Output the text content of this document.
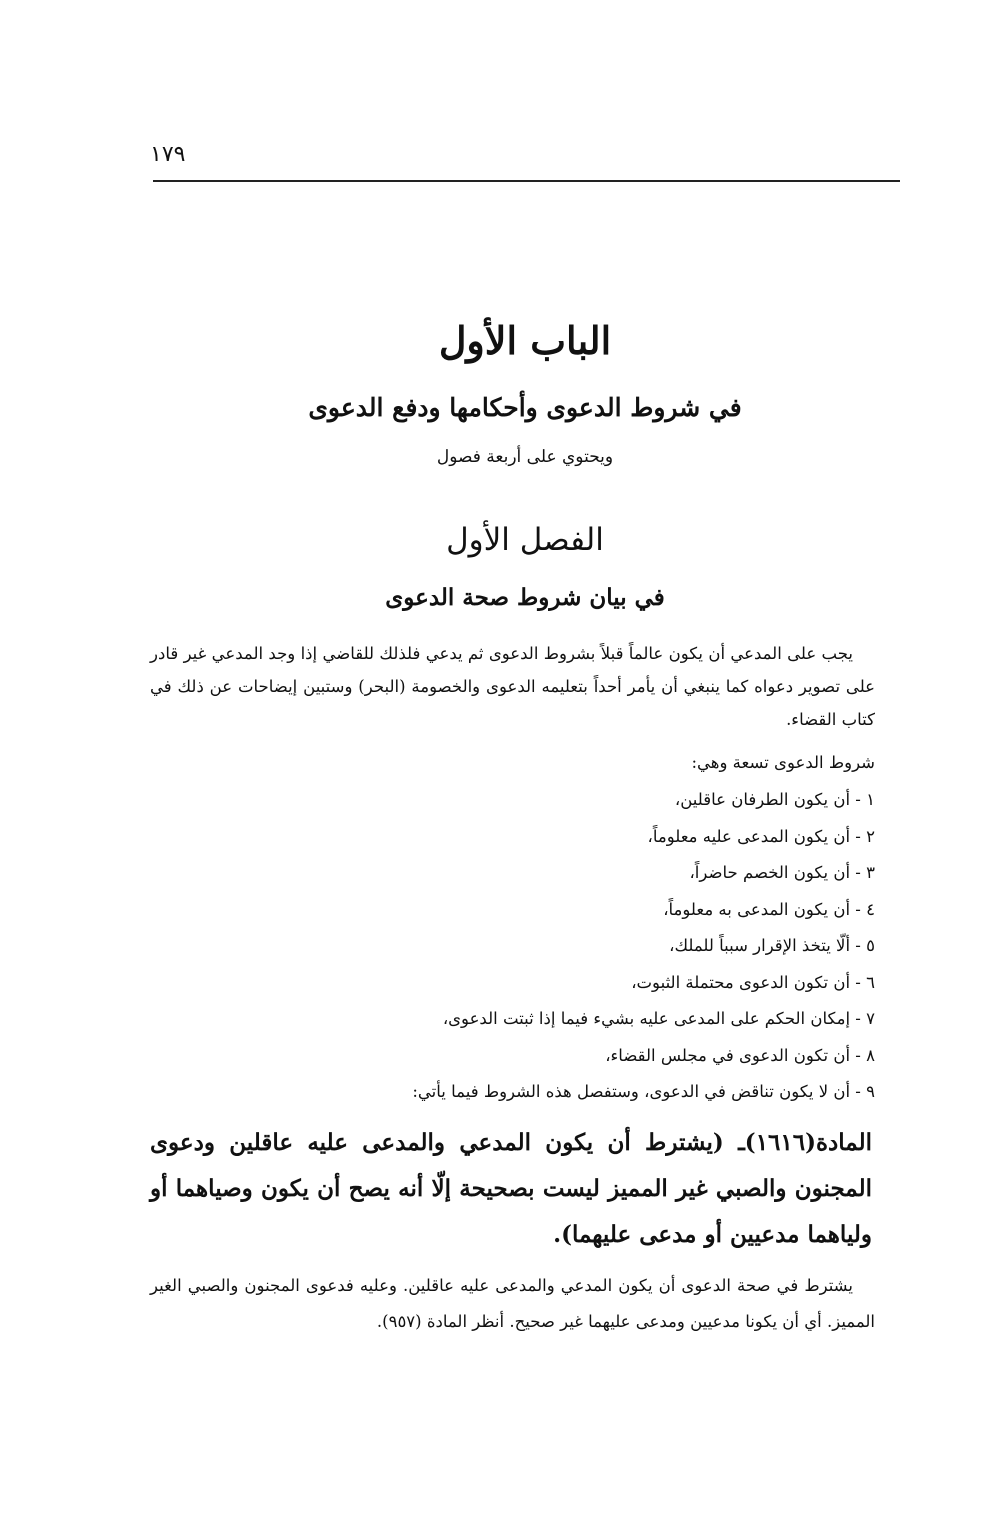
١٧٩
الباب الأول
في شروط الدعوى وأحكامها ودفع الدعوى
ويحتوي على أربعة فصول
الفصل الأول
في بيان شروط صحة الدعوى

يجب على المدعي أن يكون عالماً قبلاً بشروط الدعوى ثم يدعي فلذلك للقاضي إذا وجد المدعي غير قادر على تصوير دعواه كما ينبغي أن يأمر أحداً بتعليمه الدعوى والخصومة (البحر) وستبين إيضاحات عن ذلك في كتاب القضاء.

شروط الدعوى تسعة وهي:
١ - أن يكون الطرفان عاقلين،
٢ - أن يكون المدعى عليه معلوماً،
٣ - أن يكون الخصم حاضراً،
٤ - أن يكون المدعى به معلوماً،
٥ - ألّا يتخذ الإقرار سبباً للملك،
٦ - أن تكون الدعوى محتملة الثبوت،
٧ - إمكان الحكم على المدعى عليه بشيء فيما إذا ثبتت الدعوى،
٨ - أن تكون الدعوى في مجلس القضاء،
٩ - أن لا يكون تناقض في الدعوى، وستفصل هذه الشروط فيما يأتي:

المادة(١٦١٦)ـ (يشترط أن يكون المدعي والمدعى عليه عاقلين ودعوى المجنون والصبي غير المميز ليست بصحيحة إلّا أنه يصح أن يكون وصياهما أو ولياهما مدعيين أو مدعى عليهما).

يشترط في صحة الدعوى أن يكون المدعي والمدعى عليه عاقلين. وعليه فدعوى المجنون والصبي الغير المميز. أي أن يكونا مدعيين ومدعى عليهما غير صحيح. أنظر المادة (٩٥٧).
